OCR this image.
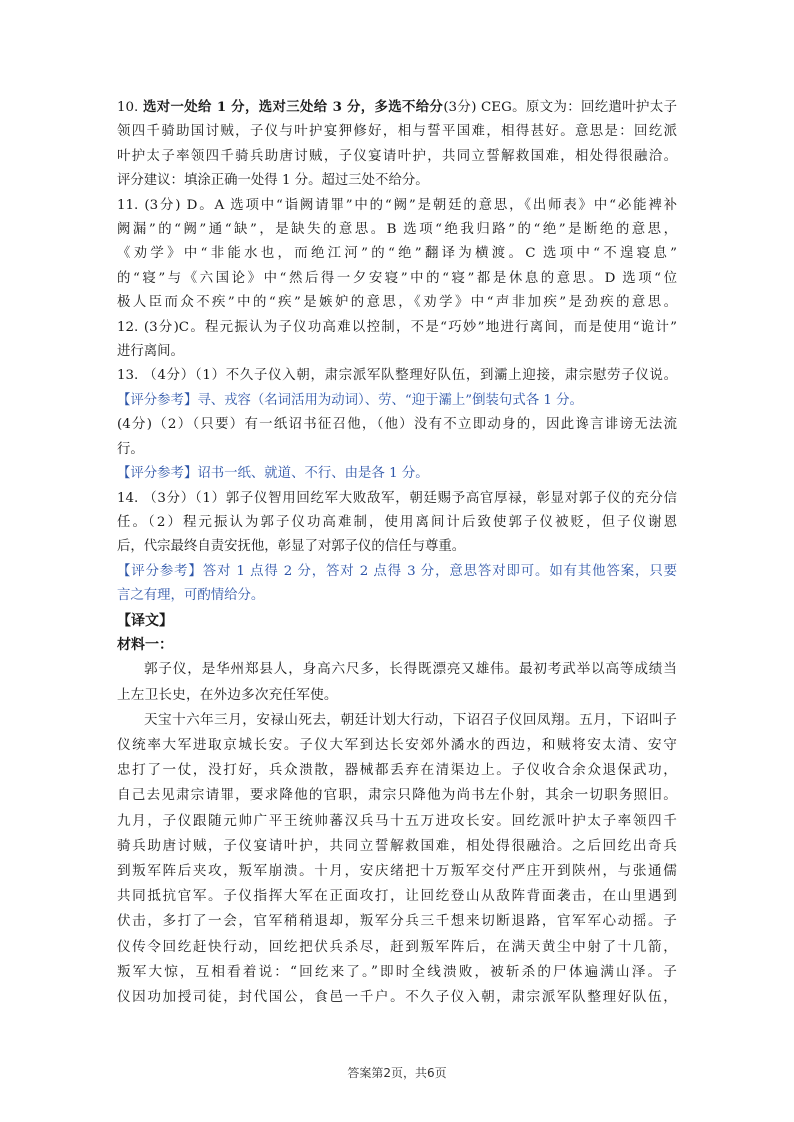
10. 选对一处给 1 分，选对三处给 3 分，多选不给分(3分) CEG。原文为：回纥遣叶护太子
领四千骑助国讨贼，子仪与叶护宴狎修好，相与誓平国难，相得甚好。意思是：回纥派
叶护太子率领四千骑兵助唐讨贼，子仪宴请叶护，共同立誓解救国难，相处得很融洽。
评分建议：填涂正确一处得 1 分。超过三处不给分。
11. (3分) D。A 选项中“诣阙请罪”中的“阙”是朝廷的意思，《出师表》中“必能裨补
阙漏”的“阙”通“缺”，是缺失的意思。B 选项“绝我归路”的“绝”是断绝的意思，
《劝学》中“非能水也，而绝江河”的“绝”翻译为横渡。C 选项中“不遑寝息”
的“寝”与《六国论》中“然后得一夕安寝”中的“寝”都是休息的意思。D 选项“位
极人臣而众不疾”中的“疾”是嫉妒的意思，《劝学》中“声非加疾”是劲疾的意思。
12. (3分)C。程元振认为子仪功高难以控制，不是“巧妙”地进行离间，而是使用“诡计”
进行离间。
13. （4分）（1）不久子仪入朝，肃宗派军队整理好队伍，到灞上迎接，肃宗慰劳子仪说。
【评分参考】寻、戎容（名词活用为动词）、劳、“迎于灞上”倒装句式各 1 分。
(4分)（2）（只要）有一纸诏书征召他，（他）没有不立即动身的，因此谗言诽谤无法流
行。
【评分参考】诏书一纸、就道、不行、由是各 1 分。
14. （3分）（1）郭子仪智用回纥军大败敌军，朝廷赐予高官厚禄，彰显对郭子仪的充分信
任。（2）程元振认为郭子仪功高难制，使用离间计后致使郭子仪被贬，但子仪谢恩
后，代宗最终自责安抚他，彰显了对郭子仪的信任与尊重。
【评分参考】答对 1 点得 2 分，答对 2 点得 3 分，意思答对即可。如有其他答案，只要
言之有理，可酌情给分。
【译文】
材料一：
郭子仪，是华州郑县人，身高六尺多，长得既漂亮又雄伟。最初考武举以高等成绩当
上左卫长史，在外边多次充任军使。
天宝十六年三月，安禄山死去，朝廷计划大行动，下诏召子仪回凤翔。五月，下诏叫子
仪统率大军进取京城长安。子仪大军到达长安郊外潏水的西边，和贼将安太清、安守
忠打了一仗，没打好，兵众溃散，器械都丢弃在清渠边上。子仪收合余众退保武功，
自己去见肃宗请罪，要求降他的官职，肃宗只降他为尚书左仆射，其余一切职务照旧。
九月，子仪跟随元帅广平王统帅蕃汉兵马十五万进攻长安。回纥派叶护太子率领四千
骑兵助唐讨贼，子仪宴请叶护，共同立誓解救国难，相处得很融洽。之后回纥出奇兵
到叛军阵后夹攻，叛军崩溃。十月，安庆绪把十万叛军交付严庄开到陕州，与张通儒
共同抵抗官军。子仪指挥大军在正面攻打，让回纥登山从敌阵背面袭击，在山里遇到
伏击，多打了一会，官军稍稍退却，叛军分兵三千想来切断退路，官军军心动摇。子
仪传令回纥赶快行动，回纥把伏兵杀尽，赶到叛军阵后，在满天黄尘中射了十几箭，
叛军大惊，互相看着说：“回纥来了。”即时全线溃败，被斩杀的尸体遍满山泽。子
仪因功加授司徒，封代国公，食邑一千户。不久子仪入朝，肃宗派军队整理好队伍，
答案第2页，共6页
